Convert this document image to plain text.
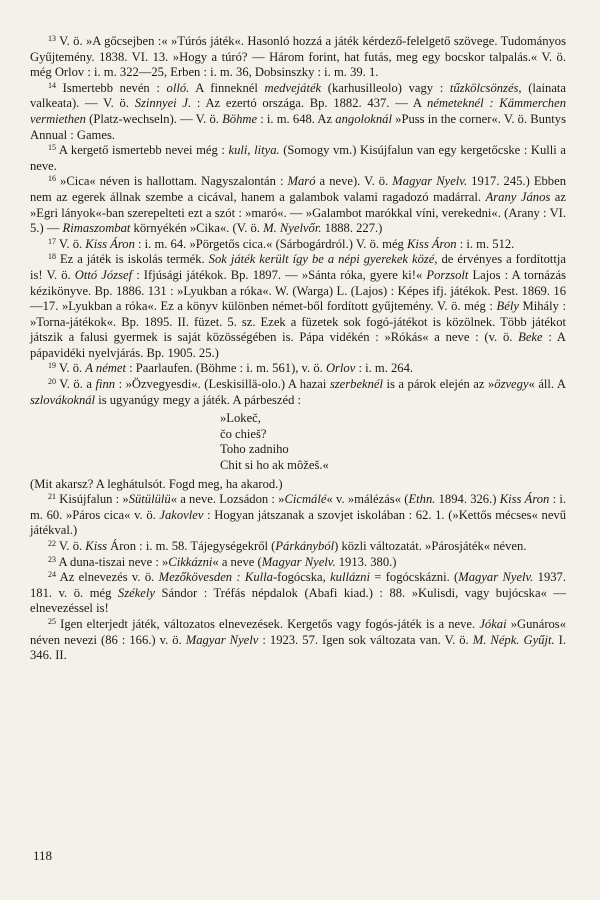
$^{13}$ V. ö. »A gőcsejben :« »Túrós játék«. Hasonló hozzá a játék kérdező-felelgető szövege. Tudományos Gyűjtemény. 1838. VI. 13. »Hogy a túró? — Három forint, hat futás, meg egy bocskor talpalás.« V. ö. még Orlov : i. m. 322—25, Erben : i. m. 36, Dobsinszky : i. m. 39. 1.

$^{14}$ Ismertebb nevén : olló. A finneknél medvejáték (karhusilleolo) vagy : tűzkölcsönzés, (lainata valkeata). — V. ö. Szinnyei J. : Az ezertó országa. Bp. 1882. 437. — A németeknél : Kämmerchen vermiethen (Platz-wechseln). — V. ö. Böhme : i. m. 648. Az angoloknál »Puss in the corner«. V. ö. Buntys Annual : Games.

$^{15}$ A kergető ismertebb nevei még : kuli, litya. (Somogy vm.) Kisújfalun van egy kergetőcske : Kulli a neve.

$^{16}$ »Cica« néven is hallottam. Nagyszalontán : Maró a neve). V. ö. Magyar Nyelv. 1917. 245.) Ebben nem az egerek állnak szembe a cicával, hanem a galambok valami ragadozó madárral. Arany János az »Egri lányok«-ban szerepelteti ezt a szót : »maró«. — »Galambot marókkal víni, verekedni«. (Arany : VI. 5.) — Rimaszombat környékén »Cika«. (V. ö. M. Nyelvőr. 1888. 227.)

$^{17}$ V. ö. Kiss Áron : i. m. 64. »Pörgetős cica.« (Sárbogárdról.) V. ö. még Kiss Áron : i. m. 512.

$^{18}$ Ez a játék is iskolás termék. Sok játék került így be a népi gyerekek közé, de érvényes a fordítottja is! V. ö. Ottó József : Ifjúsági játékok. Bp. 1897. — »Sánta róka, gyere ki!« Porzsolt Lajos : A tornázás kézikönyve. Bp. 1886. 131 : »Lyukban a róka«. W. (Warga) L. (Lajos) : Képes ifj. játékok. Pest. 1869. 16—17. »Lyukban a róka«. Ez a könyv különben német-ből fordított gyűjtemény. V. ö. még : Bély Mihály : »Torna-játékok«. Bp. 1895. II. füzet. 5. sz. Ezek a füzetek sok fogó-játékot is közölnek. Több játékot játszik a falusi gyermek is saját közösségében is. Pápa vidékén : »Rókás« a neve : (v. ö. Beke : A pápavidéki nyelvjárás. Bp. 1905. 25.)

$^{19}$ V. ö. A német : Paarlaufen. (Böhme : i. m. 561), v. ö. Orlov : i. m. 264.

$^{20}$ V. ö. a finn : »Özvegyesdi«. (Leskisillä-olo.) A hazai szerbeknél is a párok elején az »özvegy« áll. A szlovákoknál is ugyanúgy megy a játék. A párbeszéd :

»Lokeč,
čo chieš?
Toho zadniho
Chit si ho ak môžeš.«

(Mit akarsz? A leghátulsót. Fogd meg, ha akarod.)

$^{21}$ Kisújfalun : »Sütülülü« a neve. Lozsádon : »Cicmálé« v. »málézás« (Ethn. 1894. 326.) Kiss Áron : i. m. 60. »Páros cica« v. ö. Jakovlev : Hogyan játszanak a szovjet iskolában : 62. 1. (»Kettős mécses« nevű játékval.)

$^{22}$ V. ö. Kiss Áron : i. m. 58. Tájegységekről (Párkányból) közli változatát. »Párosjáték« néven.

$^{23}$ A duna-tiszai neve : »Cikkázni« a neve (Magyar Nyelv. 1913. 380.)

$^{24}$ Az elnevezés v. ö. Mezőkövesden : Kulla-fogócska, kullázni = fogócskázni. (Magyar Nyelv. 1937. 181. v. ö. még Székely Sándor : Tréfás népdalok (Abafi kiad.) : 88. »Kulisdi, vagy bujócska« — elnevezéssel is!

$^{25}$ Igen elterjedt játék, változatos elnevezések. Kergetős vagy fogós-játék is a neve. Jókai »Gunáros« néven nevezi (86 : 166.) v. ö. Magyar Nyelv : 1923. 57. Igen sok változata van. V. ö. M. Népk. Gyűjt. I. 346. II.

118
